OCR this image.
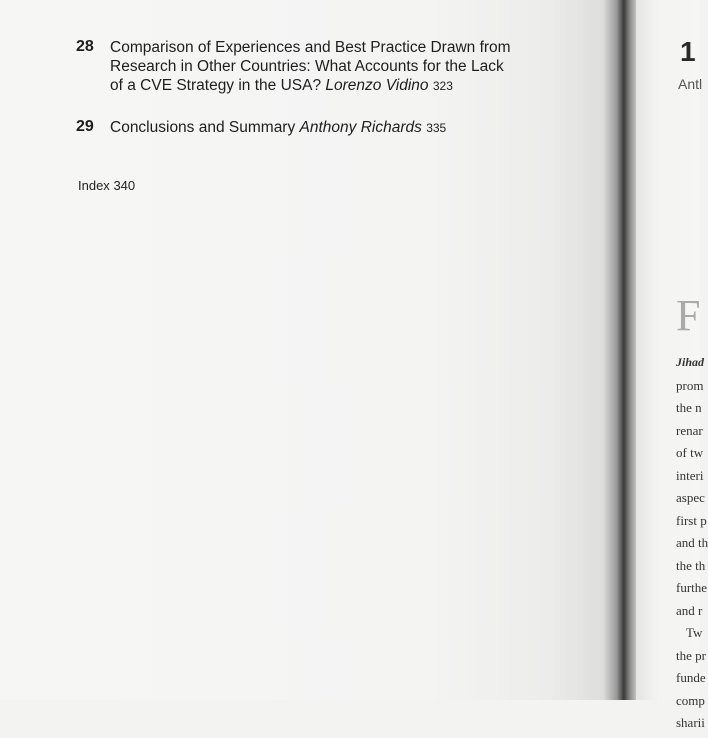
28 Comparison of Experiences and Best Practice Drawn from
Research in Other Countries: What Accounts for the Lack
of a CVE Strategy in the USA? Lorenzo Vidino 323
29 Conclusions and Summary Anthony Richards 335
Index 340
1
Antl
F
Jihad
prom
the n
renar
of tw
interi
aspec
first p
and th
the th
furthe
and r
Tw
the pr
funde
comp
sharii
